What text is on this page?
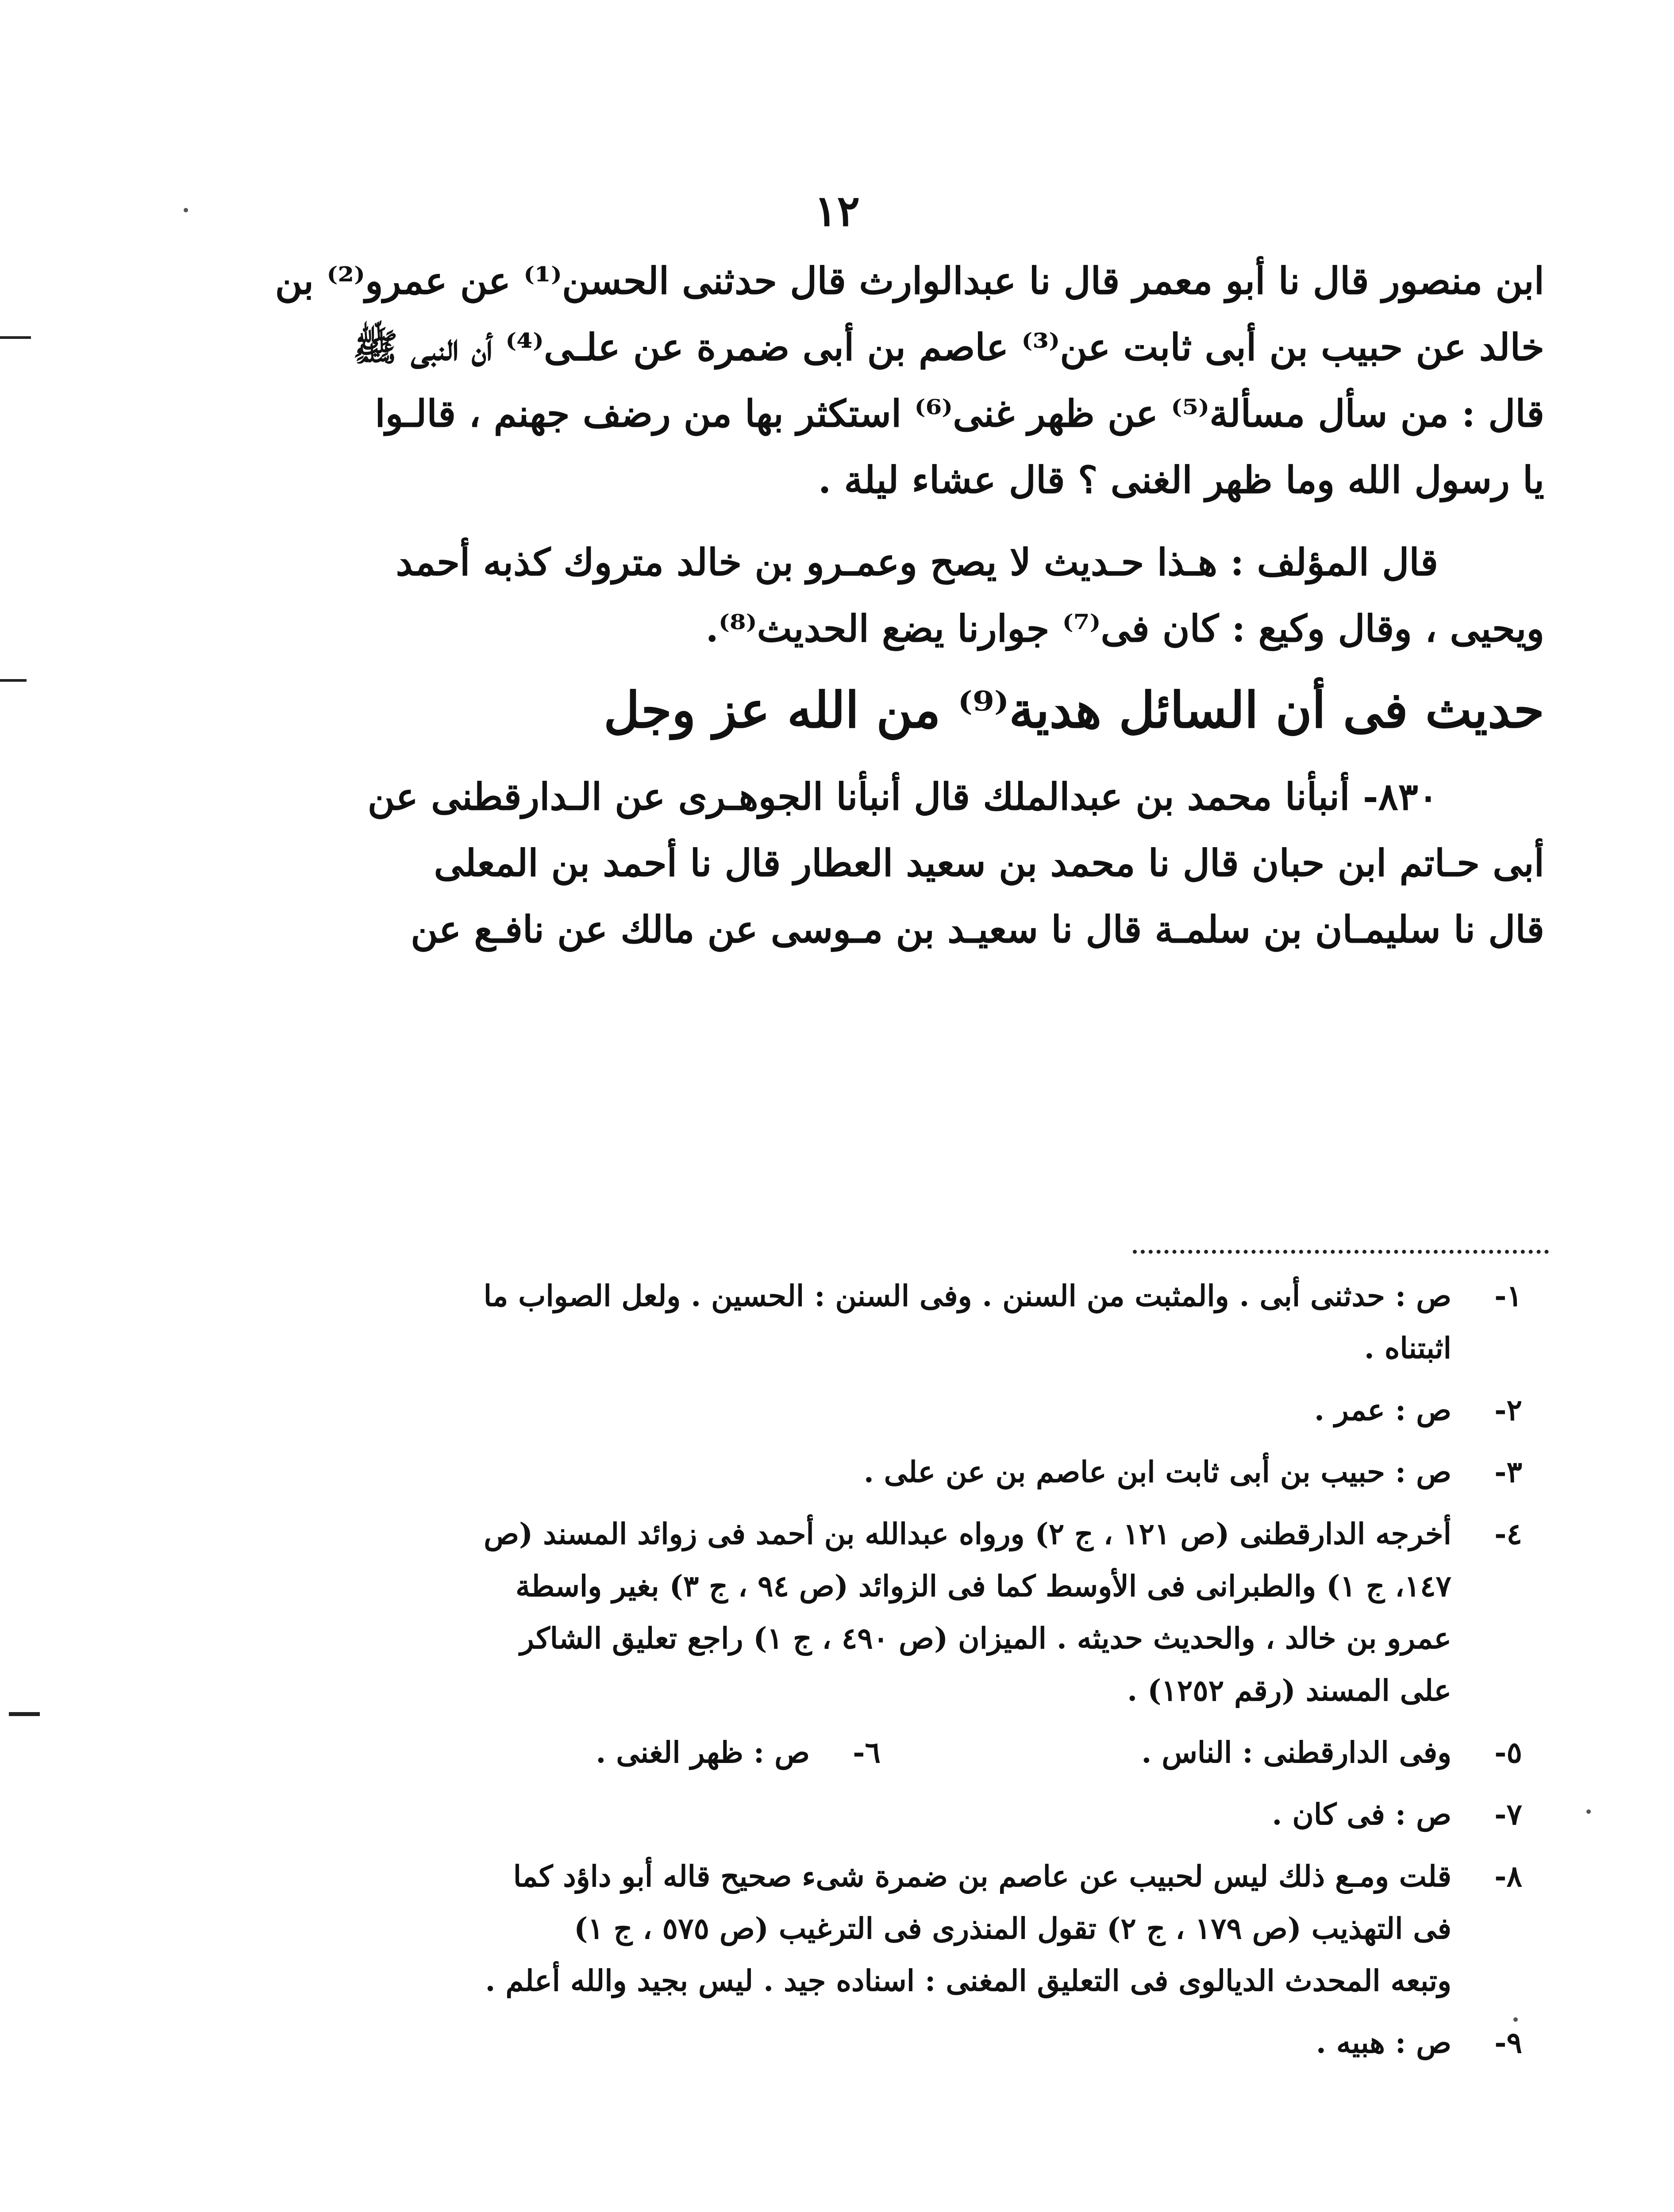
١٢
ابن منصور قال نا أبو معمر قال نا عبدالوارث قال حدثنى الحسن⁽¹⁾ عن عمرو⁽²⁾ بن
خالد عن حبيب بن أبى ثابت عن⁽³⁾ عاصم بن أبى ضمرة عن علـى⁽⁴⁾ أن النبى ﷺ
قال : من سأل مسألة⁽⁵⁾ عن ظهر غنى⁽⁶⁾ استكثر بها من رضف جهنم ، قالـوا
يا رسول الله وما ظهر الغنى ؟ قال عشاء ليلة .
قال المؤلف : هـذا حـديث لا يصح وعمـرو بن خالد متروك كذبه أحمد
ويحيى ، وقال وكيع : كان فى⁽⁷⁾ جوارنا يضع الحديث⁽⁸⁾.
حديث فى أن السائل هدية⁽⁹⁾ من الله عز وجل
٨٣٠- أنبأنا محمد بن عبدالملك قال أنبأنا الجوهـرى عن الـدارقطنى عن
أبى حـاتم ابن حبان قال نا محمد بن سعيد العطار قال نا أحمد بن المعلى
قال نا سليمـان بن سلمـة قال نا سعيـد بن مـوسى عن مالك عن نافـع عن
١-
ص : حدثنى أبى . والمثبت من السنن . وفى السنن : الحسين . ولعل الصواب ما
اثبتناه .
٢-
ص : عمر .
٣-
ص : حبيب بن أبى ثابت ابن عاصم بن عن على .
٤-
أخرجه الدارقطنى (ص ١٢١ ، ج ٢) ورواه عبدالله بن أحمد فى زوائد المسند (ص
١٤٧، ج ١) والطبرانى فى الأوسط كما فى الزوائد (ص ٩٤ ، ج ٣) بغير واسطة
عمرو بن خالد ، والحديث حديثه . الميزان (ص ٤٩٠ ، ج ١) راجع تعليق الشاكر
على المسند (رقم ١٢٥٢) .
٥-
وفى الدارقطنى : الناس .
٦-
ص : ظهر الغنى .
٧-
ص : فى كان .
٨-
قلت ومـع ذلك ليس لحبيب عن عاصم بن ضمرة شىء صحيح قاله أبو داؤد كما
فى التهذيب (ص ١٧٩ ، ج ٢) تقول المنذرى فى الترغيب (ص ٥٧٥ ، ج ١)
وتبعه المحدث الديالوى فى التعليق المغنى : اسناده جيد . ليس بجيد والله أعلم .
٩-
ص : هبيه .
